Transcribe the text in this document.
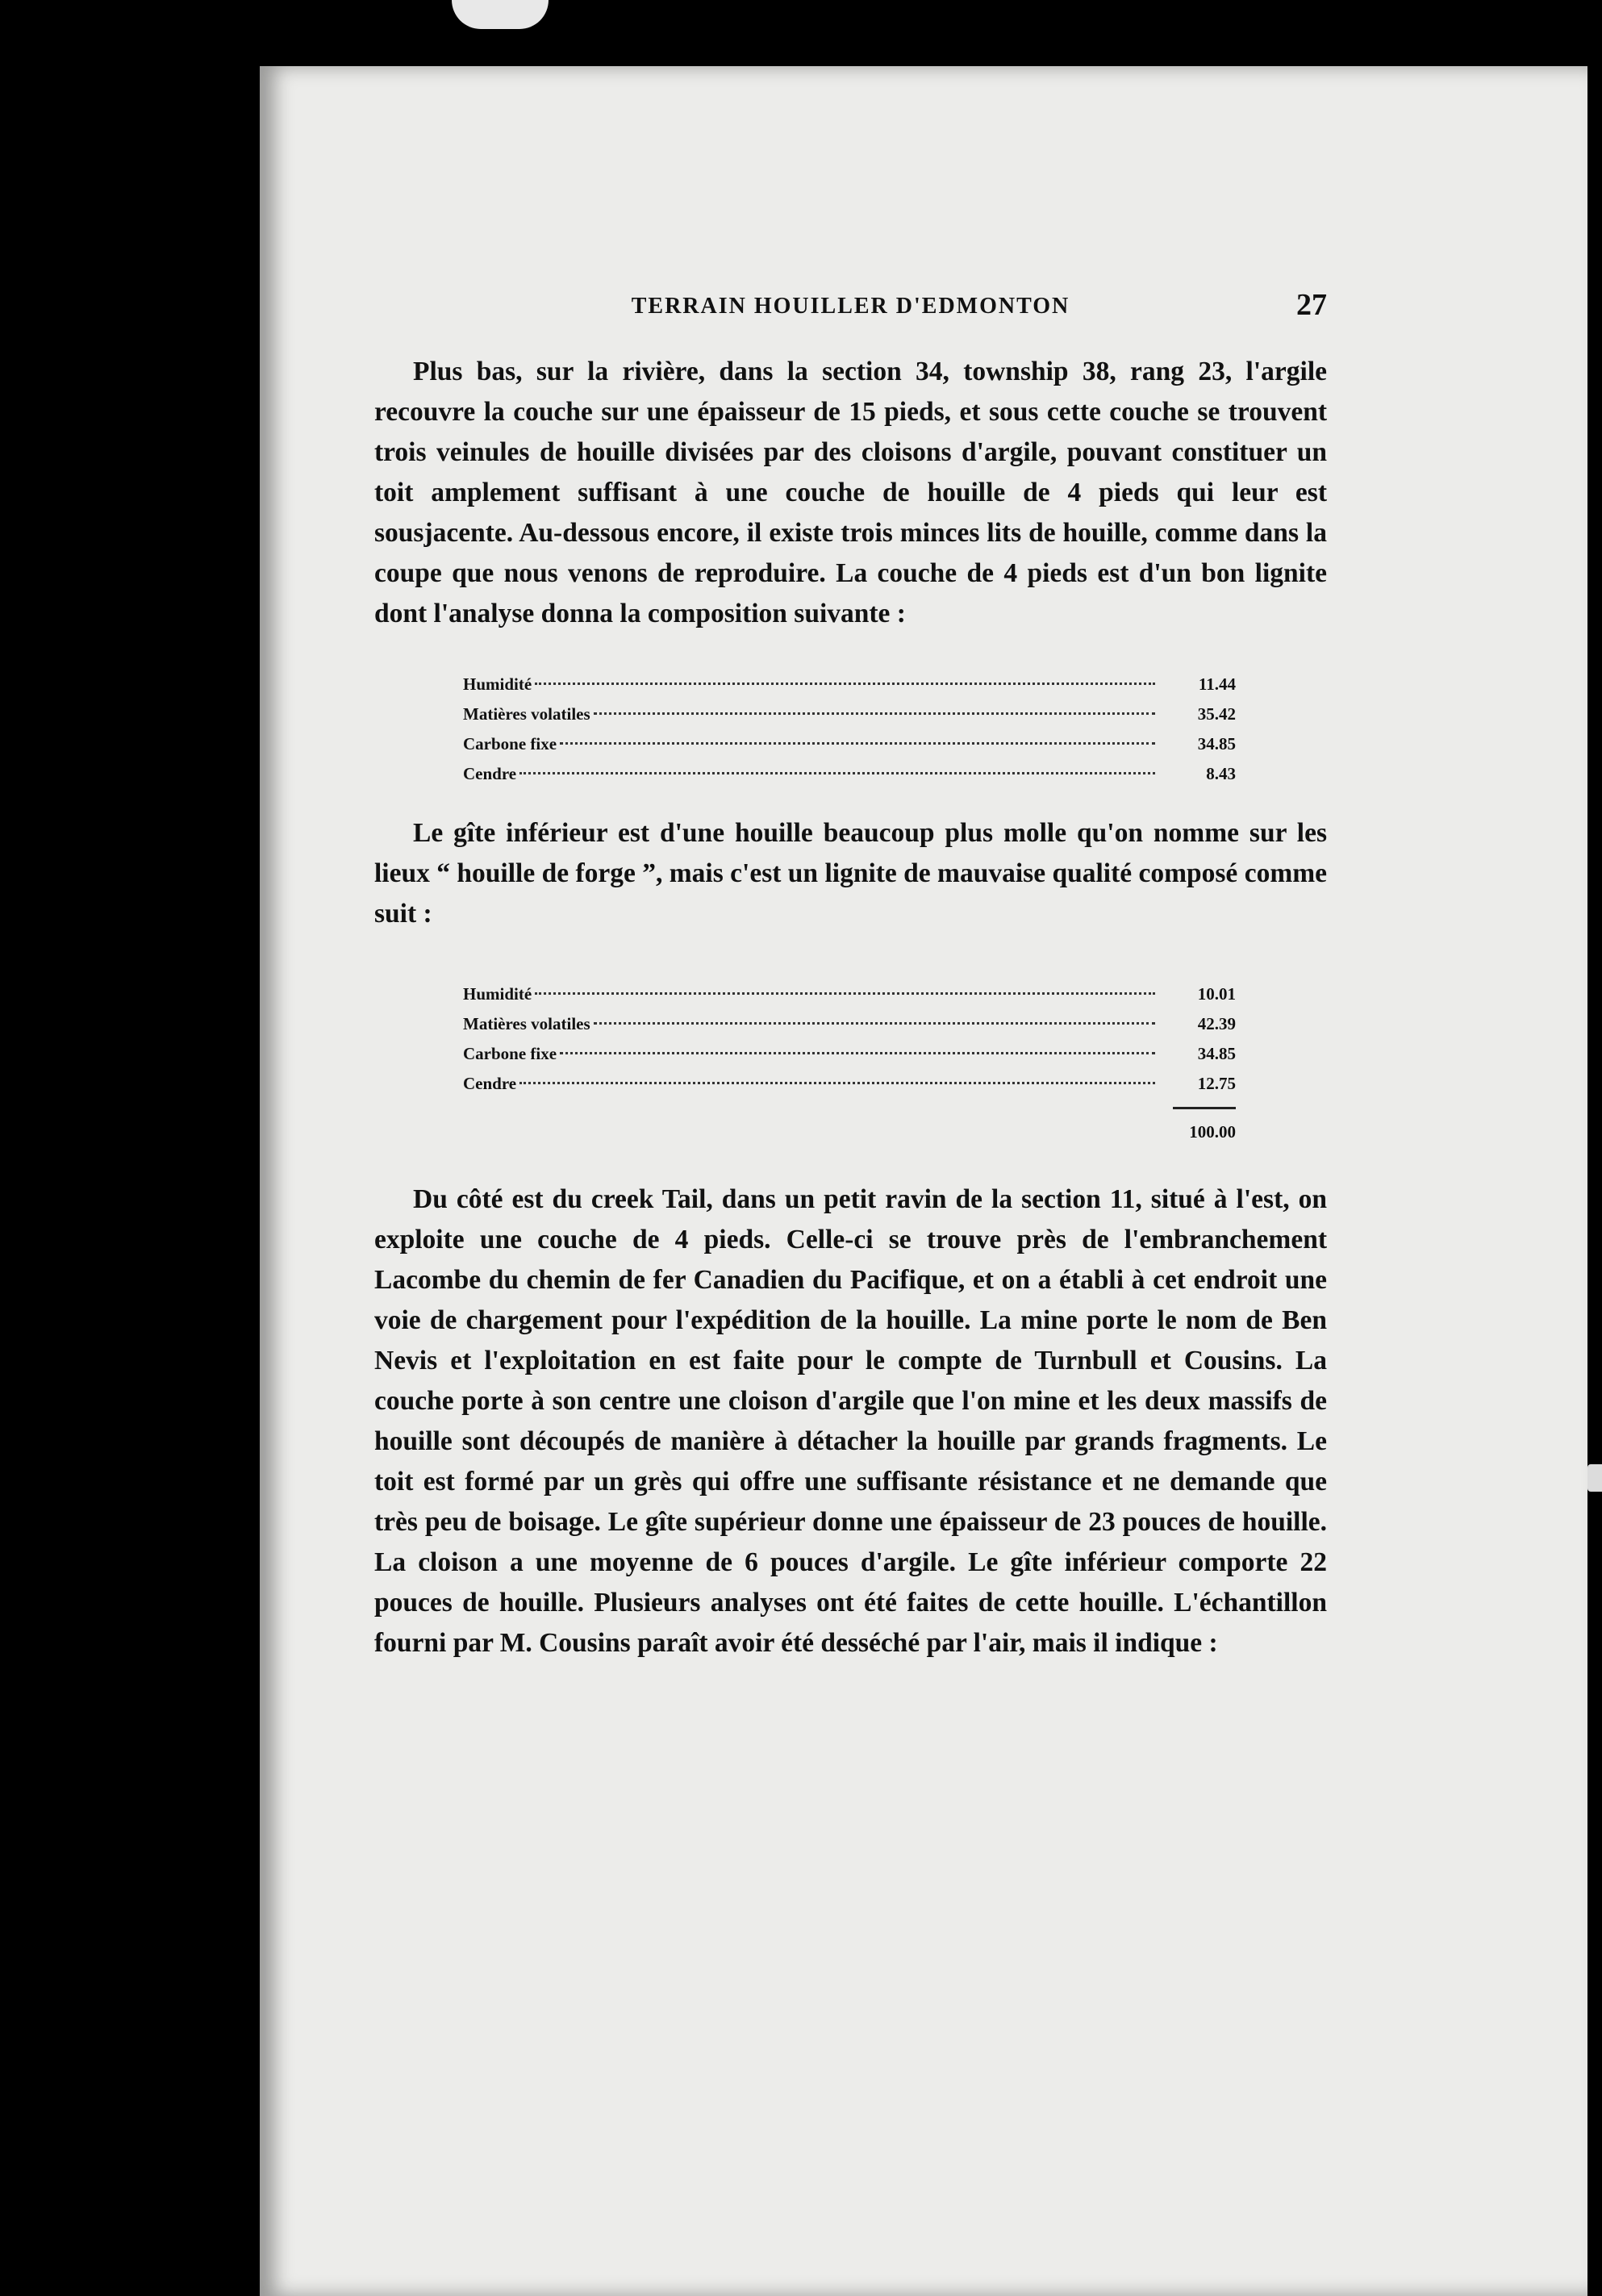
TERRAIN HOUILLER D'EDMONTON	27

Plus bas, sur la rivière, dans la section 34, township 38, rang 23, l'argile recouvre la couche sur une épaisseur de 15 pieds, et sous cette couche se trouvent trois veinules de houille divisées par des cloisons d'argile, pouvant constituer un toit amplement suffisant à une couche de houille de 4 pieds qui leur est sousjacente. Au-dessous encore, il existe trois minces lits de houille, comme dans la coupe que nous venons de reproduire. La couche de 4 pieds est d'un bon lignite dont l'analyse donna la composition suivante :

Humidité	11.44
Matières volatiles	35.42
Carbone fixe	34.85
Cendre	8.43

Le gîte inférieur est d'une houille beaucoup plus molle qu'on nomme sur les lieux “ houille de forge ”, mais c'est un lignite de mauvaise qualité composé comme suit :

Humidité	10.01
Matières volatiles	42.39
Carbone fixe	34.85
Cendre	12.75
100.00

Du côté est du creek Tail, dans un petit ravin de la section 11, situé à l'est, on exploite une couche de 4 pieds. Celle-ci se trouve près de l'embranchement Lacombe du chemin de fer Canadien du Pacifique, et on a établi à cet endroit une voie de chargement pour l'expédition de la houille. La mine porte le nom de Ben Nevis et l'exploitation en est faite pour le compte de Turnbull et Cousins. La couche porte à son centre une cloison d'argile que l'on mine et les deux massifs de houille sont découpés de manière à détacher la houille par grands fragments. Le toit est formé par un grès qui offre une suffisante résistance et ne demande que très peu de boisage. Le gîte supérieur donne une épaisseur de 23 pouces de houille. La cloison a une moyenne de 6 pouces d'argile. Le gîte inférieur comporte 22 pouces de houille. Plusieurs analyses ont été faites de cette houille. L'échantillon fourni par M. Cousins paraît avoir été desséché par l'air, mais il indique :
